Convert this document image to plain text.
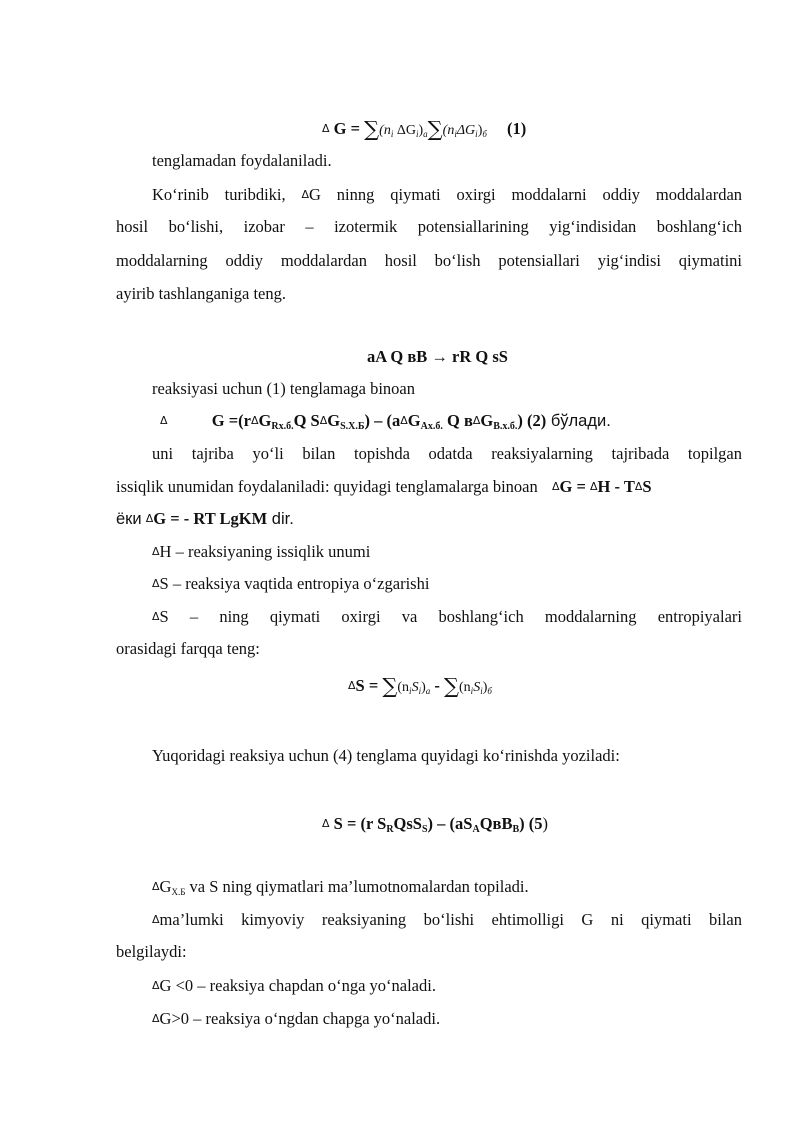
Δ $G = \sum(n_i$ $\Delta G_i)_a\sum(n_i\Delta G_i)_б$ (1)
tenglamadan foydalaniladi.
Ko‘rinib turibdiki, ΔG ninng qiymati oxirgi moddalarni oddiy moddalardan
hosil bo‘lishi, izobar – izotermik potensiallarining yig‘indisidan boshlang‘ich
moddalarning oddiy moddalardan hosil bo‘lish potensiallari yig‘indisi qiymatini
ayirib tashlanganiga teng.
aA Q вB → rR Q sS
reaksiyasi uchun (1) tenglamaga binoan
Δ	G =(rΔGRх.б.Q SΔGS.Х.Б) – (aΔGAх.б. Q вΔGB.х.б.) (2) бўлади.
uni tajriba yo‘li bilan topishda odatda reaksiyalarning tajribada topilgan
issiqlik unumidan foydalaniladi: quyidagi tenglamalarga binoan ΔG = ΔH - TΔS
ёки ΔG = - RT LgKM dir.
ΔH – reaksiyaning issiqlik unumi
ΔS – reaksiya vaqtida entropiya o‘zgarishi
ΔS – ning qiymati oxirgi va boshlang‘ich moddalarning entropiyalari
orasidagi farqqa teng:
$\Delta S = \sum(n_iS_i)_a - \sum(n_iS_i)_б$
Yuqoridagi reaksiya uchun (4) tenglama quyidagi ko‘rinishda yoziladi:
Δ S = (r SRQsSS) – (aSAQвBB) (5)
$\Delta G_{Х.Б}$ va S ning qiymatlari ma’lumotnomalardan topiladi.
Δma’lumki kimyoviy reaksiyaning bo‘lishi ehtimolligi G ni qiymati bilan
belgilaydi:
ΔG <0 – reaksiya chapdan o‘nga yo‘naladi.
ΔG>0 – reaksiya o‘ngdan chapga yo‘naladi.
